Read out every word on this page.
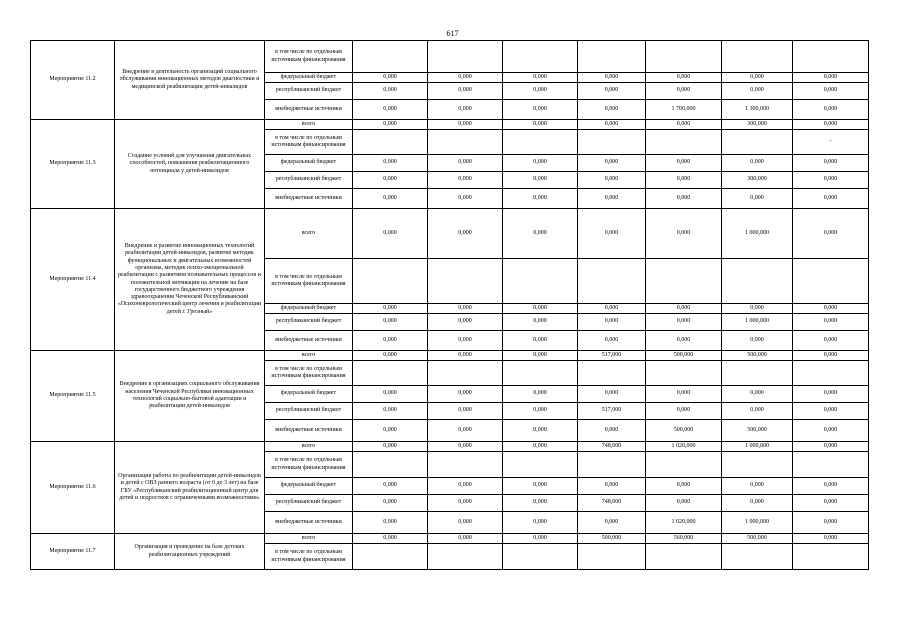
617
Мероприятие 11.2	Внедрение в деятельность организаций социального обслуживания инновационных методов диагностики и медицинской реабилитации детей-инвалидов	в том числе по отдельным источникам финансирования							
		федеральный бюджет	0,000	0,000	0,000	0,000	0,000	0,000	0,000
		республиканский бюджет	0,000	0,000	0,000	0,000	0,000	0,000	0,000
		внебюджетные источники	0,000	0,000	0,000	0,000	1 700,000	1 300,000	0,000
Мероприятие 11.3	Создание условий для улучшения двигательных способностей, повышения реабилитационного потенциала у детей-инвалидов	всего	0,000	0,000	0,000	0,000	0,000	300,000	0,000
		в том числе по отдельным источникам финансирования							-
		федеральный бюджет	0,000	0,000	0,000	0,000	0,000	0,000	0,000
		республиканский бюджет	0,000	0,000	0,000	0,000	0,000	300,000	0,000
		внебюджетные источники	0,000	0,000	0,000	0,000	0,000	0,000	0,000
Мероприятие 11.4	Внедрение и развитие инновационных технологий реабилитации детей-инвалидов, развитие методик функциональных и двигательных возможностей организма, методик психо-эмоциональной реабилитации с развитием познавательных процессов и положительной мотивации на лечение на базе государственного бюджетного учреждения здравоохранения Чеченской Республиканский «Психоневрологический центр лечения и реабилитации детей г. Грозный»	всего	0,000	0,000	0,000	0,000	0,000	1 000,000	0,000
		в том числе по отдельным источникам финансирования							
		федеральный бюджет	0,000	0,000	0,000	0,000	0,000	0,000	0,000
		республиканский бюджет	0,000	0,000	0,000	0,000	0,000	1 000,000	0,000
		внебюджетные источники	0,000	0,000	0,000	0,000	0,000	0,000	0,000
Мероприятие 11.5	Внедрение в организациях социального обслуживания населения Чеченской Республики инновационных технологий социально-бытовой адаптации и реабилитации детей-инвалидов	всего	0,000	0,000	0,000	517,000	500,000	500,000	0,000
		в том числе по отдельным источникам финансирования							
		федеральный бюджет	0,000	0,000	0,000	0,000	0,000	0,000	0,000
		республиканский бюджет	0,000	0,000	0,000	517,000	0,000	0,000	0,000
		внебюджетные источники	0,000	0,000	0,000	0,000	500,000	500,000	0,000
Мероприятие 11.6	Организация работы по реабилитации детей-инвалидов и детей с ОВЗ раннего возраста (от 0 до 3 лет) на базе ГБУ «Республиканский реабилитационный центр для детей и подростков с ограниченными возможностями»	всего	0,000	0,000	0,000	748,000	1 020,000	1 000,000	0,000
		в том числе по отдельным источникам финансирования							
		федеральный бюджет	0,000	0,000	0,000	0,000	0,000	0,000	0,000
		республиканский бюджет	0,000	0,000	0,000	748,000	0,000	0,000	0,000
		внебюджетные источники	0,000	0,000	0,000	0,000	1 020,000	1 000,000	0,000
Мероприятие 11.7	Организация и проведение на базе детских реабилитационных учреждений	всего	0,000	0,000	0,000	500,000	560,000	500,000	0,000
		в том числе по отдельным источникам финансирования							
